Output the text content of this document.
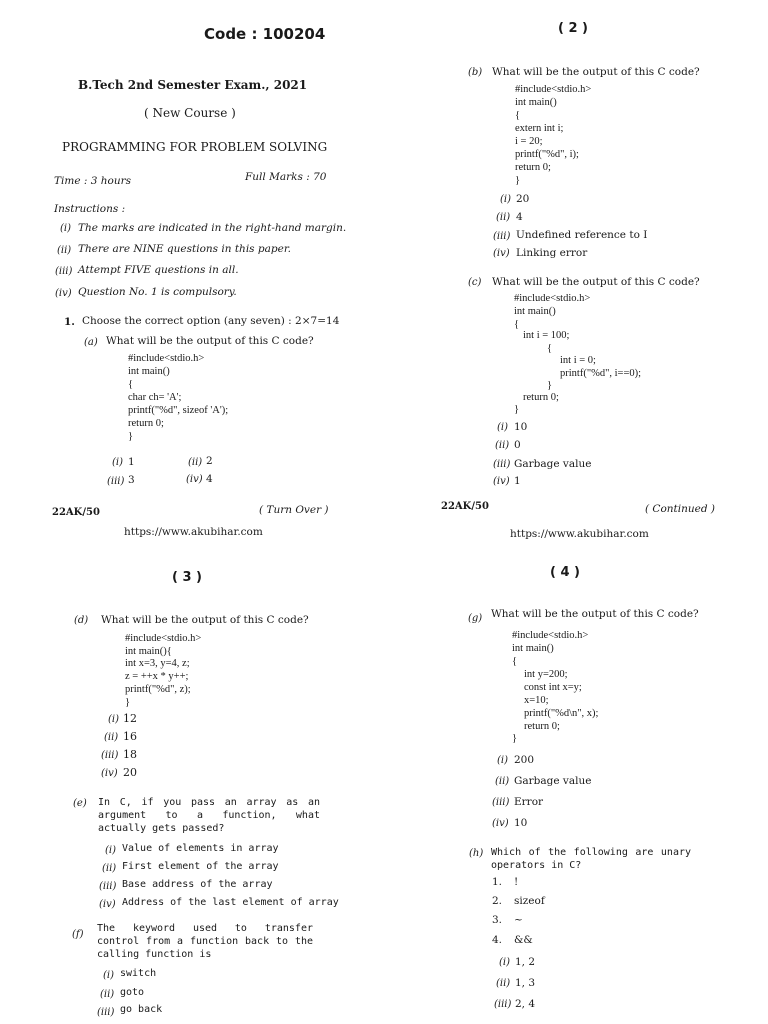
Code : 100204
B.Tech 2nd Semester Exam., 2021
( New Course )
PROGRAMMING FOR PROBLEM SOLVING
Time : 3 hours	Full Marks : 70
Instructions :
(i) The marks are indicated in the right-hand margin.
(ii) There are NINE questions in this paper.
(iii) Attempt FIVE questions in all.
(iv) Question No. 1 is compulsory.
1. Choose the correct option (any seven) : 2×7=14
(a) What will be the output of this C code?
#include<stdio.h>
int main()
{
char ch= 'A';
printf("%d", sizeof 'A');
return 0;
}
(i) 1	(ii) 2
(iii) 3	(iv) 4
22AK/50	( Turn Over )
https://www.akubihar.com
( 2 )
(b) What will be the output of this C code?
#include<stdio.h>
int main()
{
extern int i;
i = 20;
printf("%d", i);
return 0;
}
(i) 20
(ii) 4
(iii) Undefined reference to I
(iv) Linking error
(c) What will be the output of this C code?
#include<stdio.h>
int main()
{
int i = 100;
{
int i = 0;
printf("%d", i==0);
}
return 0;
}
(i) 10
(ii) 0
(iii) Garbage value
(iv) 1
22AK/50	( Continued )
https://www.akubihar.com
( 3 )
(d) What will be the output of this C code?
#include<stdio.h>
int main(){
int x=3, y=4, z;
z = ++x * y++;
printf("%d", z);
}
(i) 12
(ii) 16
(iii) 18
(iv) 20
(e) In C, if you pass an array as an argument to a function, what actually gets passed?
(i) Value of elements in array
(ii) First element of the array
(iii) Base address of the array
(iv) Address of the last element of array
(f)
The keyword used to transfer control from a function back to the calling function is
(i) switch
(ii) goto
(iii) go back
( 4 )
(g) What will be the output of this C code?
#include<stdio.h>
int main()
{
int y=200;
const int x=y;
x=10;
printf("%d\n", x);
return 0;
}
(i) 200
(ii) Garbage value
(iii) Error
(iv) 10
(h) Which of the following are unary operators in C?
1. !
2. sizeof
3. ~
4. &&
(i) 1, 2
(ii) 1, 3
(iii) 2, 4
